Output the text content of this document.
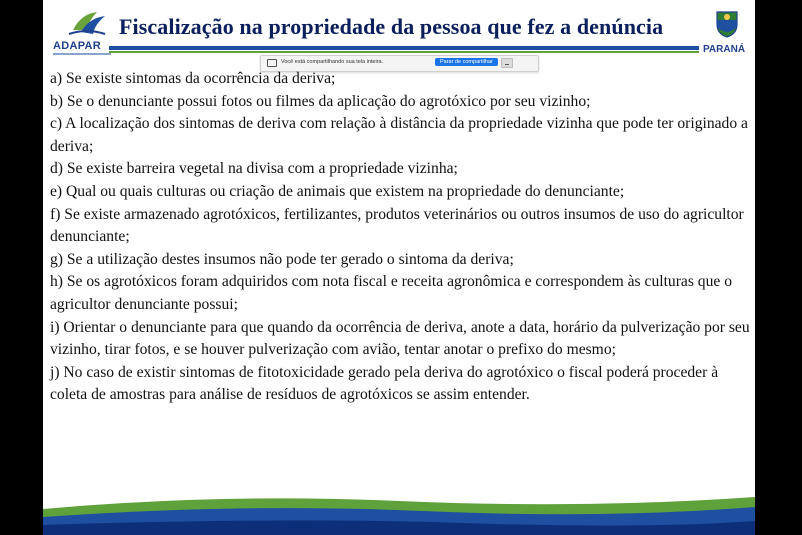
ADAPAR
Fiscalização na propriedade da pessoa que fez a denúncia
PARANÁ
Você está compartilhando sua tela inteira.	Parar de compartilhar

a) Se existe sintomas da ocorrência da deriva;

b) Se o denunciante possui fotos ou filmes da aplicação do agrotóxico por seu vizinho;

c) A localização dos sintomas de deriva com relação à distância da propriedade vizinha que pode ter originado a deriva;

d) Se existe barreira vegetal na divisa com a propriedade vizinha;

e) Qual ou quais culturas ou criação de animais que existem na propriedade do denunciante;

f) Se existe armazenado agrotóxicos, fertilizantes, produtos veterinários ou outros insumos de uso do agricultor denunciante;

g) Se a utilização destes insumos não pode ter gerado o sintoma da deriva;

h) Se os agrotóxicos foram adquiridos com nota fiscal e receita agronômica e correspondem às culturas que o agricultor denunciante possui;

i) Orientar o denunciante para que quando da ocorrência de deriva, anote a data, horário da pulverização por seu vizinho, tirar fotos, e se houver pulverização com avião, tentar anotar o prefixo do mesmo;

j) No caso de existir sintomas de fitotoxicidade gerado pela deriva do agrotóxico o fiscal poderá proceder à coleta de amostras para análise de resíduos de agrotóxicos se assim entender.
